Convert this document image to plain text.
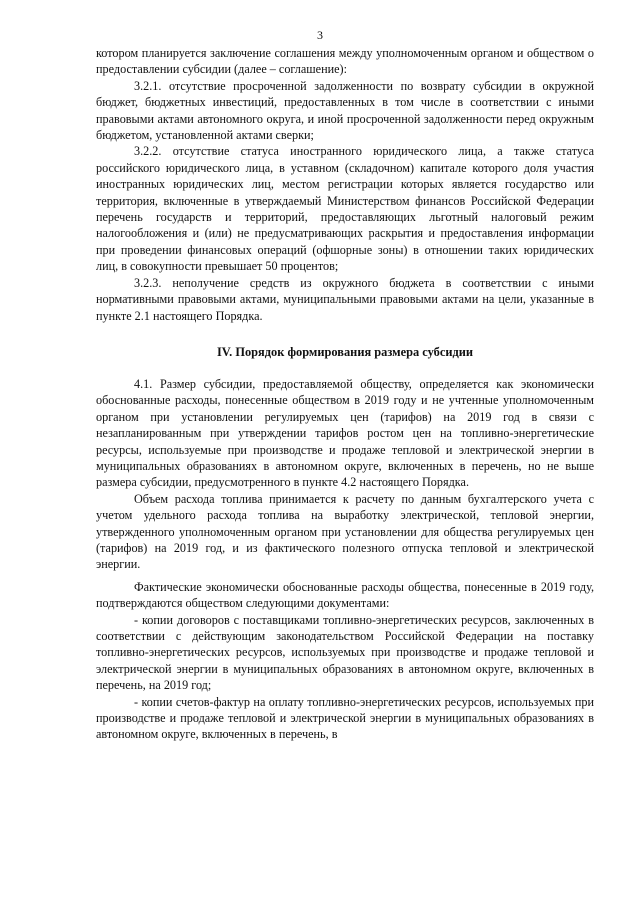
3

котором планируется заключение соглашения между уполномоченным органом и обществом о предоставлении субсидии (далее – соглашение):

3.2.1. отсутствие просроченной задолженности по возврату субсидии в окружной бюджет, бюджетных инвестиций, предоставленных в том числе в соответствии с иными правовыми актами автономного округа, и иной просроченной задолженности перед окружным бюджетом, установленной актами сверки;

3.2.2. отсутствие статуса иностранного юридического лица, а также статуса российского юридического лица, в уставном (складочном) капитале которого доля участия иностранных юридических лиц, местом регистрации которых является государство или территория, включенные в утверждаемый Министерством финансов Российской Федерации перечень государств и территорий, предоставляющих льготный налоговый режим налогообложения и (или) не предусматривающих раскрытия и предоставления информации при проведении финансовых операций (офшорные зоны) в отношении таких юридических лиц, в совокупности превышает 50 процентов;

3.2.3. неполучение средств из окружного бюджета в соответствии с иными нормативными правовыми актами, муниципальными правовыми актами на цели, указанные в пункте 2.1 настоящего Порядка.

IV. Порядок формирования размера субсидии

4.1. Размер субсидии, предоставляемой обществу, определяется как экономически обоснованные расходы, понесенные обществом в 2019 году и не учтенные уполномоченным органом при установлении регулируемых цен (тарифов) на 2019 год в связи с незапланированным при утверждении тарифов ростом цен на топливно-энергетические ресурсы, используемые при производстве и продаже тепловой и электрической энергии в муниципальных образованиях в автономном округе, включенных в перечень, но не выше размера субсидии, предусмотренного в пункте 4.2 настоящего Порядка.

Объем расхода топлива принимается к расчету по данным бухгалтерского учета с учетом удельного расхода топлива на выработку электрической, тепловой энергии, утвержденного уполномоченным органом при установлении для общества регулируемых цен (тарифов) на 2019 год, и из фактического полезного отпуска тепловой и электрической энергии.

Фактические экономически обоснованные расходы общества, понесенные в 2019 году, подтверждаются обществом следующими документами:

- копии договоров с поставщиками топливно-энергетических ресурсов, заключенных в соответствии с действующим законодательством Российской Федерации на поставку топливно-энергетических ресурсов, используемых при производстве и продаже тепловой и электрической энергии в муниципальных образованиях в автономном округе, включенных в перечень, на 2019 год;

- копии счетов-фактур на оплату топливно-энергетических ресурсов, используемых при производстве и продаже тепловой и электрической энергии в муниципальных образованиях в автономном округе, включенных в перечень, в
